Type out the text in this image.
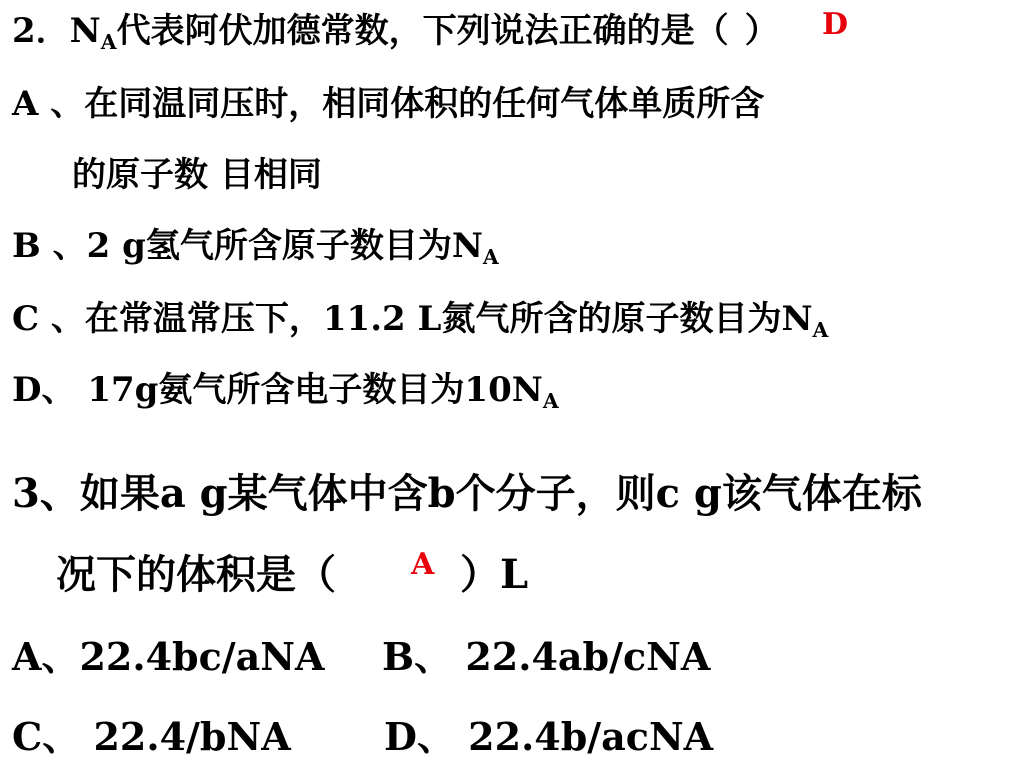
2．$N_A$代表阿伏加德常数，下列说法正确的是（ ） D
A 、在同温同压时，相同体积的任何气体单质所含
的原子数 目相同
B 、2 g氢气所含原子数目为$N_A$
C 、在常温常压下，11.2 L氮气所含的原子数目为$N_A$
D、 17g氨气所含电子数目为$10N_A$
3、如果a g某气体中含b个分子，则c g该气体在标
况下的体积是（	）L
A
A、22.4bc/aNA B、 22.4ab/cNA
C、 22.4/bNA D、 22.4b/acNA
